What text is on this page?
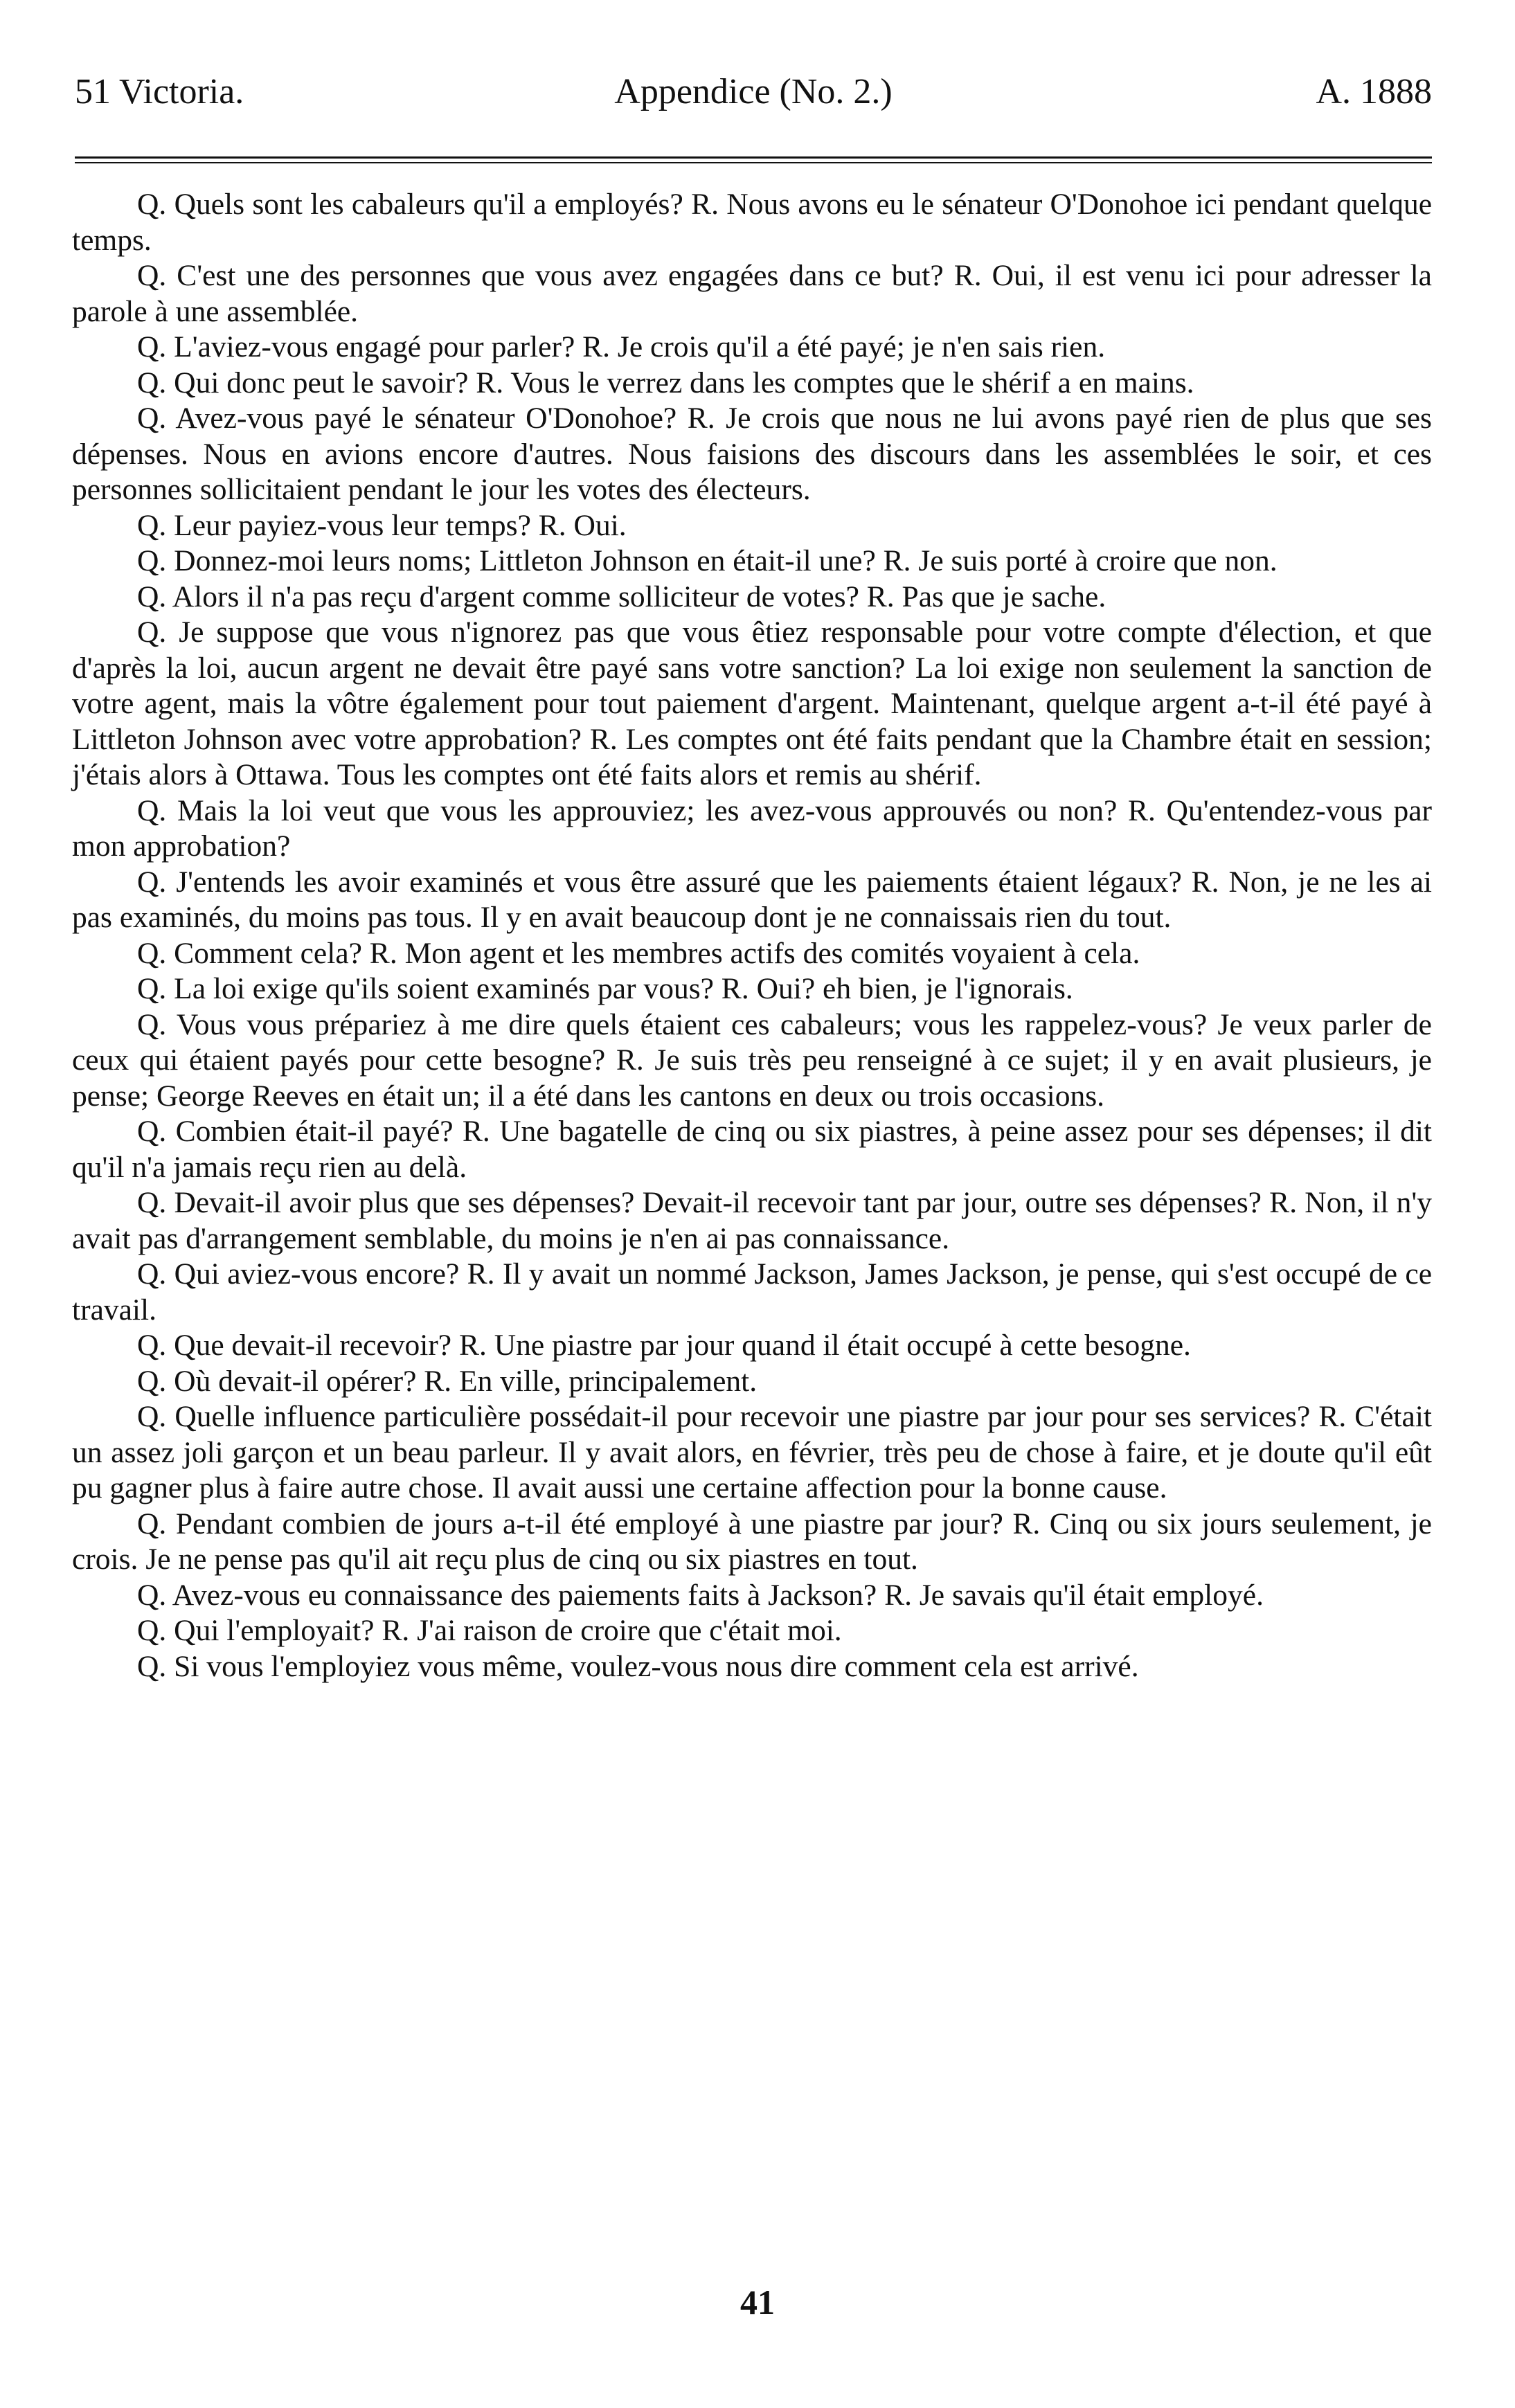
51 Victoria.	Appendice (No. 2.)	A. 1888

Q. Quels sont les cabaleurs qu'il a employés? R. Nous avons eu le sénateur O'Donohoe ici pendant quelque temps.

Q. C'est une des personnes que vous avez engagées dans ce but? R. Oui, il est venu ici pour adresser la parole à une assemblée.

Q. L'aviez-vous engagé pour parler? R. Je crois qu'il a été payé; je n'en sais rien.

Q. Qui donc peut le savoir? R. Vous le verrez dans les comptes que le shérif a en mains.

Q. Avez-vous payé le sénateur O'Donohoe? R. Je crois que nous ne lui avons payé rien de plus que ses dépenses. Nous en avions encore d'autres. Nous faisions des discours dans les assemblées le soir, et ces personnes sollicitaient pendant le jour les votes des électeurs.

Q. Leur payiez-vous leur temps? R. Oui.

Q. Donnez-moi leurs noms; Littleton Johnson en était-il une? R. Je suis porté à croire que non.

Q. Alors il n'a pas reçu d'argent comme solliciteur de votes? R. Pas que je sache.

Q. Je suppose que vous n'ignorez pas que vous êtiez responsable pour votre compte d'élection, et que d'après la loi, aucun argent ne devait être payé sans votre sanction? La loi exige non seulement la sanction de votre agent, mais la vôtre également pour tout paiement d'argent. Maintenant, quelque argent a-t-il été payé à Littleton Johnson avec votre approbation? R. Les comptes ont été faits pendant que la Chambre était en session; j'étais alors à Ottawa. Tous les comptes ont été faits alors et remis au shérif.

Q. Mais la loi veut que vous les approuviez; les avez-vous approuvés ou non? R. Qu'entendez-vous par mon approbation?

Q. J'entends les avoir examinés et vous être assuré que les paiements étaient légaux? R. Non, je ne les ai pas examinés, du moins pas tous. Il y en avait beaucoup dont je ne connaissais rien du tout.

Q. Comment cela? R. Mon agent et les membres actifs des comités voyaient à cela.

Q. La loi exige qu'ils soient examinés par vous? R. Oui? eh bien, je l'ignorais.

Q. Vous vous prépariez à me dire quels étaient ces cabaleurs; vous les rappelez-vous? Je veux parler de ceux qui étaient payés pour cette besogne? R. Je suis très peu renseigné à ce sujet; il y en avait plusieurs, je pense; George Reeves en était un; il a été dans les cantons en deux ou trois occasions.

Q. Combien était-il payé? R. Une bagatelle de cinq ou six piastres, à peine assez pour ses dépenses; il dit qu'il n'a jamais reçu rien au delà.

Q. Devait-il avoir plus que ses dépenses? Devait-il recevoir tant par jour, outre ses dépenses? R. Non, il n'y avait pas d'arrangement semblable, du moins je n'en ai pas connaissance.

Q. Qui aviez-vous encore? R. Il y avait un nommé Jackson, James Jackson, je pense, qui s'est occupé de ce travail.

Q. Que devait-il recevoir? R. Une piastre par jour quand il était occupé à cette besogne.

Q. Où devait-il opérer? R. En ville, principalement.

Q. Quelle influence particulière possédait-il pour recevoir une piastre par jour pour ses services? R. C'était un assez joli garçon et un beau parleur. Il y avait alors, en février, très peu de chose à faire, et je doute qu'il eût pu gagner plus à faire autre chose. Il avait aussi une certaine affection pour la bonne cause.

Q. Pendant combien de jours a-t-il été employé à une piastre par jour? R. Cinq ou six jours seulement, je crois. Je ne pense pas qu'il ait reçu plus de cinq ou six piastres en tout.

Q. Avez-vous eu connaissance des paiements faits à Jackson? R. Je savais qu'il était employé.

Q. Qui l'employait? R. J'ai raison de croire que c'était moi.

Q. Si vous l'employiez vous même, voulez-vous nous dire comment cela est arrivé.

41
